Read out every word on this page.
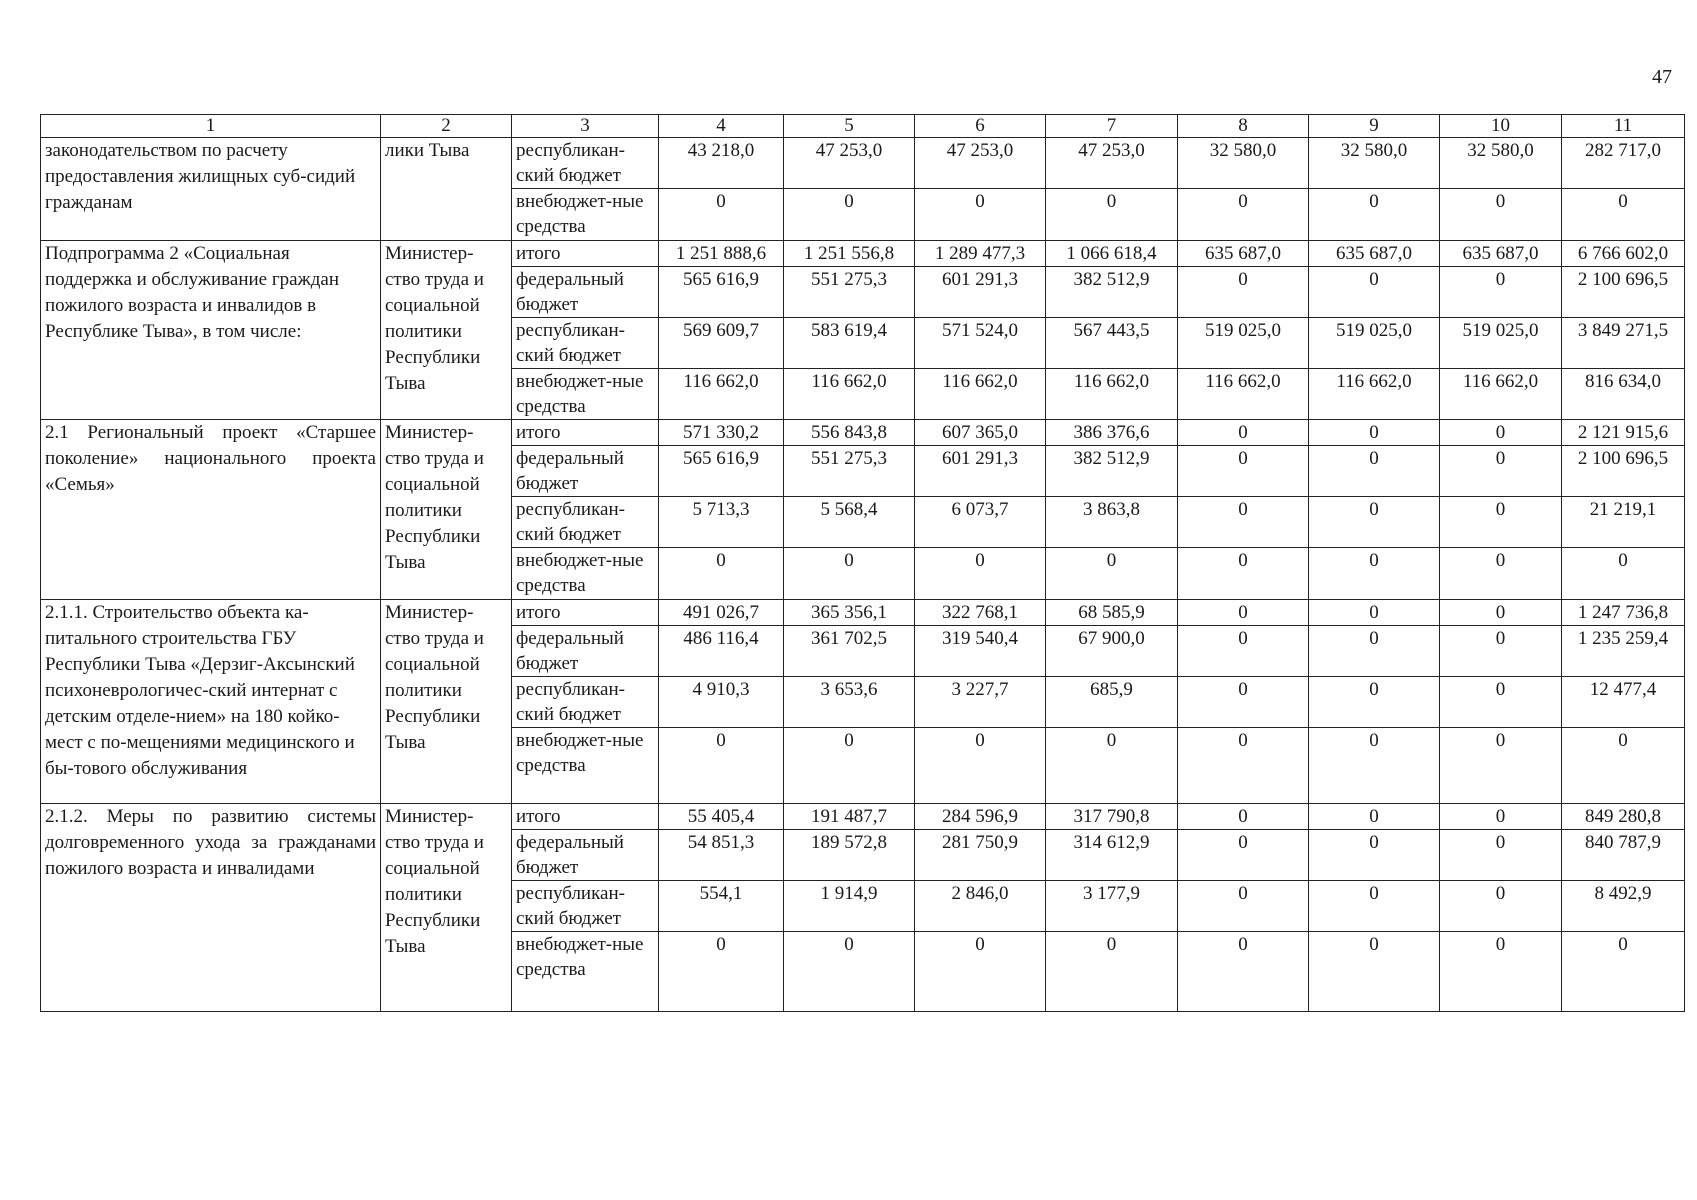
47
1	2	3	4	5	6	7	8	9	10	11
законодательством по расчету предоставления жилищных суб-сидий гражданам	лики Тыва	республикан-ский бюджет	43 218,0	47 253,0	47 253,0	47 253,0	32 580,0	32 580,0	32 580,0	282 717,0
		внебюджет-ные средства	0	0	0	0	0	0	0	0
Подпрограмма 2 «Социальная поддержка и обслуживание граждан пожилого возраста и инвалидов в Республике Тыва», в том числе:	Министер-ство труда и социальной политики Республики Тыва	итого	1 251 888,6	1 251 556,8	1 289 477,3	1 066 618,4	635 687,0	635 687,0	635 687,0	6 766 602,0
		федеральный бюджет	565 616,9	551 275,3	601 291,3	382 512,9	0	0	0	2 100 696,5
		республикан-ский бюджет	569 609,7	583 619,4	571 524,0	567 443,5	519 025,0	519 025,0	519 025,0	3 849 271,5
		внебюджет-ные средства	116 662,0	116 662,0	116 662,0	116 662,0	116 662,0	116 662,0	116 662,0	816 634,0
2.1 Региональный проект «Старшее поколение» национального проекта «Семья»	Министер-ство труда и социальной политики Республики Тыва	итого	571 330,2	556 843,8	607 365,0	386 376,6	0	0	0	2 121 915,6
		федеральный бюджет	565 616,9	551 275,3	601 291,3	382 512,9	0	0	0	2 100 696,5
		республикан-ский бюджет	5 713,3	5 568,4	6 073,7	3 863,8	0	0	0	21 219,1
		внебюджет-ные средства	0	0	0	0	0	0	0	0
2.1.1. Строительство объекта ка-питального строительства ГБУ Республики Тыва «Дерзиг-Аксынский психоневрологичес-ский интернат с детским отделе-нием» на 180 койко-мест с по-мещениями медицинского и бы-тового обслуживания	Министер-ство труда и социальной политики Республики Тыва	итого	491 026,7	365 356,1	322 768,1	68 585,9	0	0	0	1 247 736,8
		федеральный бюджет	486 116,4	361 702,5	319 540,4	67 900,0	0	0	0	1 235 259,4
		республикан-ский бюджет	4 910,3	3 653,6	3 227,7	685,9	0	0	0	12 477,4
		внебюджет-ные средства	0	0	0	0	0	0	0	0
2.1.2. Меры по развитию системы долговременного ухода за гражданами пожилого возраста и инвалидами	Министер-ство труда и социальной политики Республики Тыва	итого	55 405,4	191 487,7	284 596,9	317 790,8	0	0	0	849 280,8
		федеральный бюджет	54 851,3	189 572,8	281 750,9	314 612,9	0	0	0	840 787,9
		республикан-ский бюджет	554,1	1 914,9	2 846,0	3 177,9	0	0	0	8 492,9
		внебюджет-ные средства	0	0	0	0	0	0	0	0
